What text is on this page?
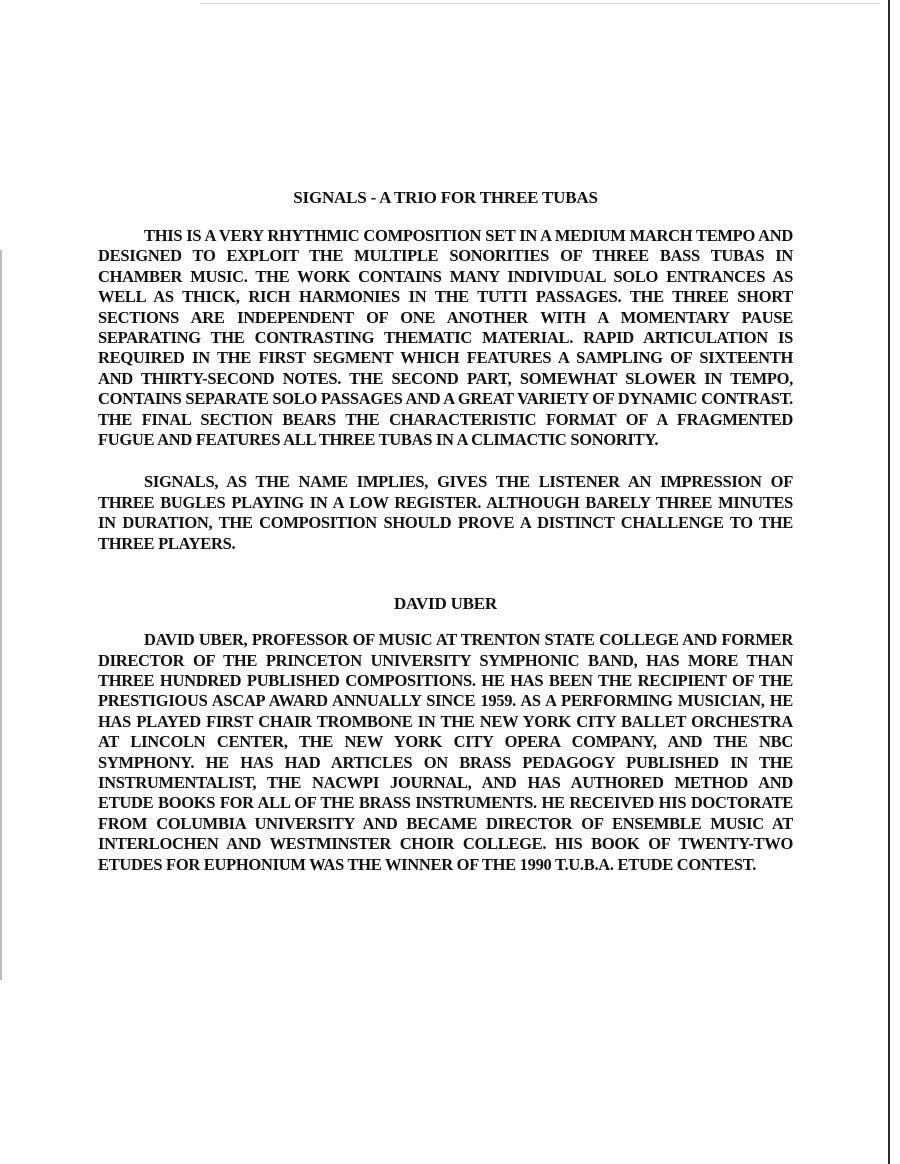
SIGNALS - A TRIO FOR THREE TUBAS

THIS IS A VERY RHYTHMIC COMPOSITION SET IN A MEDIUM MARCH TEMPO AND DESIGNED TO EXPLOIT THE MULTIPLE SONORITIES OF THREE BASS TUBAS IN CHAMBER MUSIC. THE WORK CONTAINS MANY INDIVIDUAL SOLO ENTRANCES AS WELL AS THICK, RICH HARMONIES IN THE TUTTI PASSAGES. THE THREE SHORT SECTIONS ARE INDEPENDENT OF ONE ANOTHER WITH A MOMENTARY PAUSE SEPARATING THE CONTRASTING THEMATIC MATERIAL. RAPID ARTICULATION IS REQUIRED IN THE FIRST SEGMENT WHICH FEATURES A SAMPLING OF SIXTEENTH AND THIRTY-SECOND NOTES. THE SECOND PART, SOMEWHAT SLOWER IN TEMPO, CONTAINS SEPARATE SOLO PASSAGES AND A GREAT VARIETY OF DYNAMIC CONTRAST. THE FINAL SECTION BEARS THE CHARACTERISTIC FORMAT OF A FRAGMENTED FUGUE AND FEATURES ALL THREE TUBAS IN A CLIMACTIC SONORITY.

SIGNALS, AS THE NAME IMPLIES, GIVES THE LISTENER AN IMPRESSION OF THREE BUGLES PLAYING IN A LOW REGISTER. ALTHOUGH BARELY THREE MINUTES IN DURATION, THE COMPOSITION SHOULD PROVE A DISTINCT CHALLENGE TO THE THREE PLAYERS.

DAVID UBER

DAVID UBER, PROFESSOR OF MUSIC AT TRENTON STATE COLLEGE AND FORMER DIRECTOR OF THE PRINCETON UNIVERSITY SYMPHONIC BAND, HAS MORE THAN THREE HUNDRED PUBLISHED COMPOSITIONS. HE HAS BEEN THE RECIPIENT OF THE PRESTIGIOUS ASCAP AWARD ANNUALLY SINCE 1959. AS A PERFORMING MUSICIAN, HE HAS PLAYED FIRST CHAIR TROMBONE IN THE NEW YORK CITY BALLET ORCHESTRA AT LINCOLN CENTER, THE NEW YORK CITY OPERA COMPANY, AND THE NBC SYMPHONY. HE HAS HAD ARTICLES ON BRASS PEDAGOGY PUBLISHED IN THE INSTRUMENTALIST, THE NACWPI JOURNAL, AND HAS AUTHORED METHOD AND ETUDE BOOKS FOR ALL OF THE BRASS INSTRUMENTS. HE RECEIVED HIS DOCTORATE FROM COLUMBIA UNIVERSITY AND BECAME DIRECTOR OF ENSEMBLE MUSIC AT INTERLOCHEN AND WESTMINSTER CHOIR COLLEGE. HIS BOOK OF TWENTY-TWO ETUDES FOR EUPHONIUM WAS THE WINNER OF THE 1990 T.U.B.A. ETUDE CONTEST.
